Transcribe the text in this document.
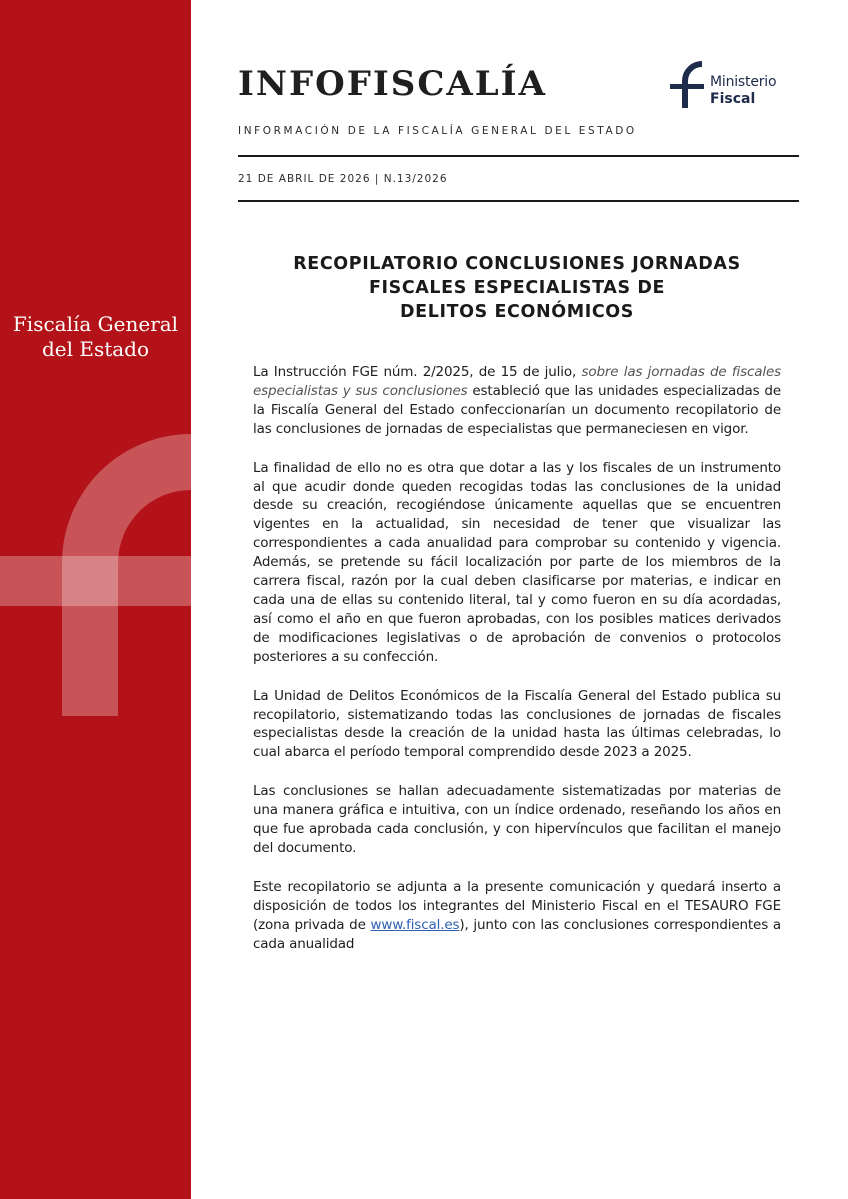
Fiscalía General
del Estado
INFOFISCALÍA
INFORMACIÓN DE LA FISCALÍA GENERAL DEL ESTADO
21 DE ABRIL DE 2026 | N.13/2026
Ministerio
Fiscal
RECOPILATORIO CONCLUSIONES JORNADAS
FISCALES ESPECIALISTAS DE
DELITOS ECONÓMICOS

La Instrucción FGE núm. 2/2025, de 15 de julio, sobre las jornadas de fiscales especialistas y sus conclusiones estableció que las unidades especializadas de la Fiscalía General del Estado confeccionarían un documento recopilatorio de las conclusiones de jornadas de especialistas que permaneciesen en vigor.

La finalidad de ello no es otra que dotar a las y los fiscales de un instrumento al que acudir donde queden recogidas todas las conclusiones de la unidad desde su creación, recogiéndose únicamente aquellas que se encuentren vigentes en la actualidad, sin necesidad de tener que visualizar las correspondientes a cada anualidad para comprobar su contenido y vigencia. Además, se pretende su fácil localización por parte de los miembros de la carrera fiscal, razón por la cual deben clasificarse por materias, e indicar en cada una de ellas su contenido literal, tal y como fueron en su día acordadas, así como el año en que fueron aprobadas, con los posibles matices derivados de modificaciones legislativas o de aprobación de convenios o protocolos posteriores a su confección.

La Unidad de Delitos Económicos de la Fiscalía General del Estado publica su recopilatorio, sistematizando todas las conclusiones de jornadas de fiscales especialistas desde la creación de la unidad hasta las últimas celebradas, lo cual abarca el período temporal comprendido desde 2023 a 2025.

Las conclusiones se hallan adecuadamente sistematizadas por materias de una manera gráfica e intuitiva, con un índice ordenado, reseñando los años en que fue aprobada cada conclusión, y con hipervínculos que facilitan el manejo del documento.

Este recopilatorio se adjunta a la presente comunicación y quedará inserto a disposición de todos los integrantes del Ministerio Fiscal en el TESAURO FGE (zona privada de www.fiscal.es), junto con las conclusiones correspondientes a cada anualidad
